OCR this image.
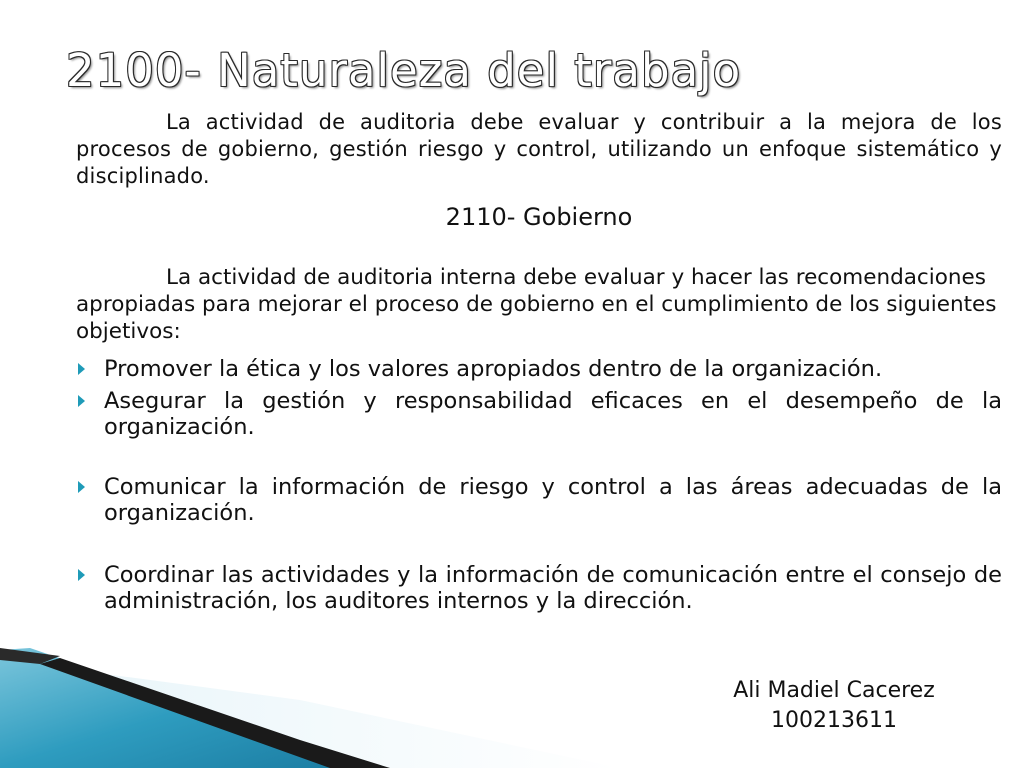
2100- Naturaleza del trabajo

La actividad de auditoria debe evaluar y contribuir a la mejora de los procesos de gobierno, gestión riesgo y control, utilizando un enfoque sistemático y disciplinado.

2110- Gobierno

La actividad de auditoria interna debe evaluar y hacer las recomendaciones apropiadas para mejorar el proceso de gobierno en el cumplimiento de los siguientes objetivos:

Promover la ética y los valores apropiados dentro de la organización.
Asegurar la gestión y responsabilidad eficaces en el desempeño de la organización.
Comunicar la información de riesgo y control a las áreas adecuadas de la organización.
Coordinar las actividades y la información de comunicación entre el consejo de administración, los auditores internos y la dirección.
Ali Madiel Cacerez
100213611
